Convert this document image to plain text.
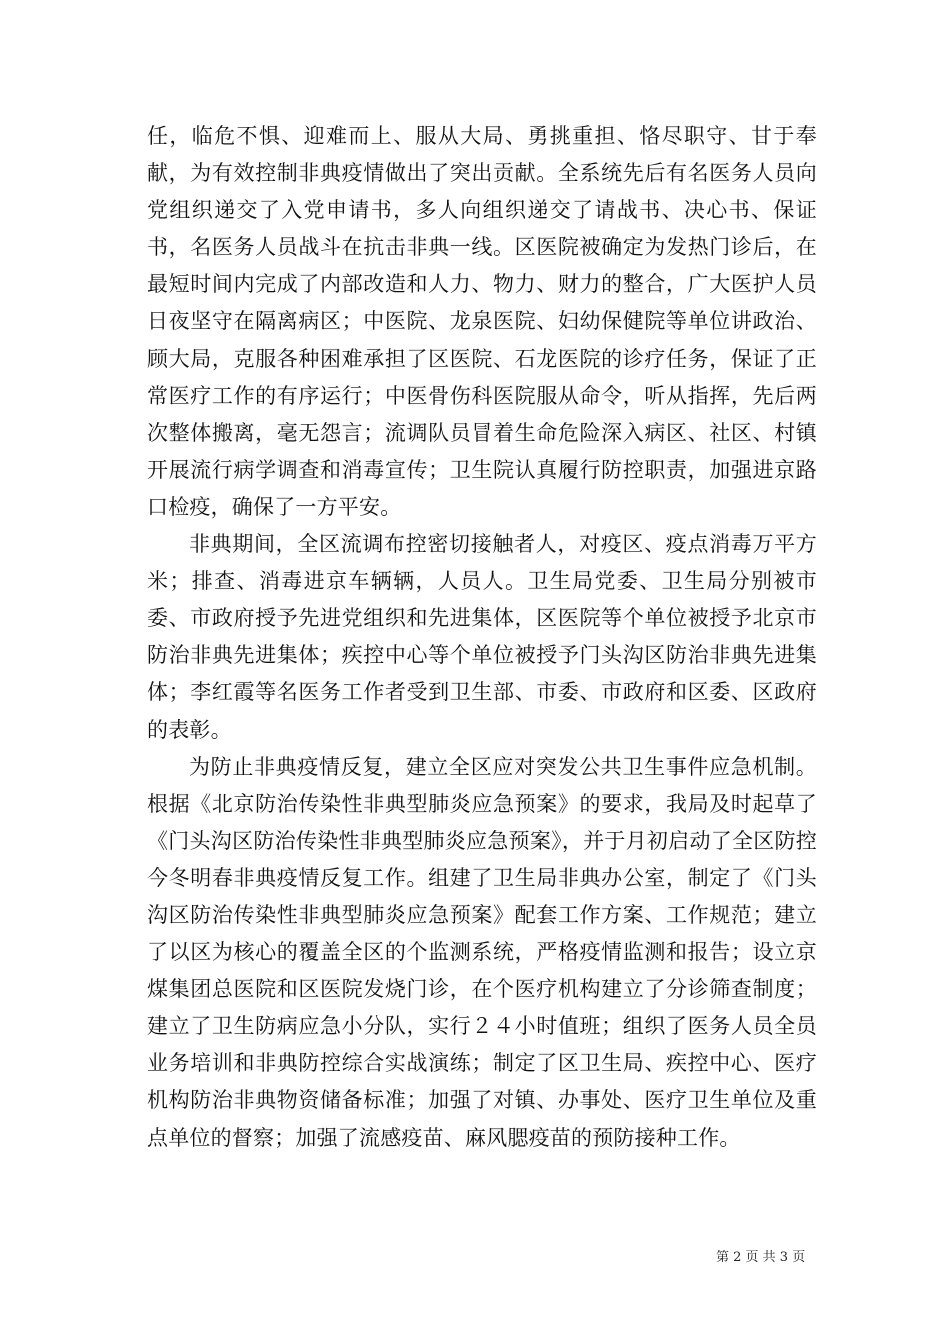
任，临危不惧、迎难而上、服从大局、勇挑重担、恪尽职守、甘于奉献，为有效控制非典疫情做出了突出贡献。全系统先后有名医务人员向党组织递交了入党申请书，多人向组织递交了请战书、决心书、保证书，名医务人员战斗在抗击非典一线。区医院被确定为发热门诊后，在最短时间内完成了内部改造和人力、物力、财力的整合，广大医护人员日夜坚守在隔离病区；中医院、龙泉医院、妇幼保健院等单位讲政治、顾大局，克服各种困难承担了区医院、石龙医院的诊疗任务，保证了正常医疗工作的有序运行；中医骨伤科医院服从命令，听从指挥，先后两次整体搬离，毫无怨言；流调队员冒着生命危险深入病区、社区、村镇开展流行病学调查和消毒宣传；卫生院认真履行防控职责，加强进京路口检疫，确保了一方平安。

非典期间，全区流调布控密切接触者人，对疫区、疫点消毒万平方米；排查、消毒进京车辆辆，人员人。卫生局党委、卫生局分别被市委、市政府授予先进党组织和先进集体，区医院等个单位被授予北京市防治非典先进集体；疾控中心等个单位被授予门头沟区防治非典先进集体；李红霞等名医务工作者受到卫生部、市委、市政府和区委、区政府的表彰。

为防止非典疫情反复，建立全区应对突发公共卫生事件应急机制。根据《北京防治传染性非典型肺炎应急预案》的要求，我局及时起草了《门头沟区防治传染性非典型肺炎应急预案》，并于月初启动了全区防控今冬明春非典疫情反复工作。组建了卫生局非典办公室，制定了《门头沟区防治传染性非典型肺炎应急预案》配套工作方案、工作规范；建立了以区为核心的覆盖全区的个监测系统，严格疫情监测和报告；设立京煤集团总医院和区医院发烧门诊，在个医疗机构建立了分诊筛查制度；建立了卫生防病应急小分队，实行２４小时值班；组织了医务人员全员业务培训和非典防控综合实战演练；制定了区卫生局、疾控中心、医疗机构防治非典物资储备标准；加强了对镇、办事处、医疗卫生单位及重点单位的督察；加强了流感疫苗、麻风腮疫苗的预防接种工作。

第 2 页 共 3 页
